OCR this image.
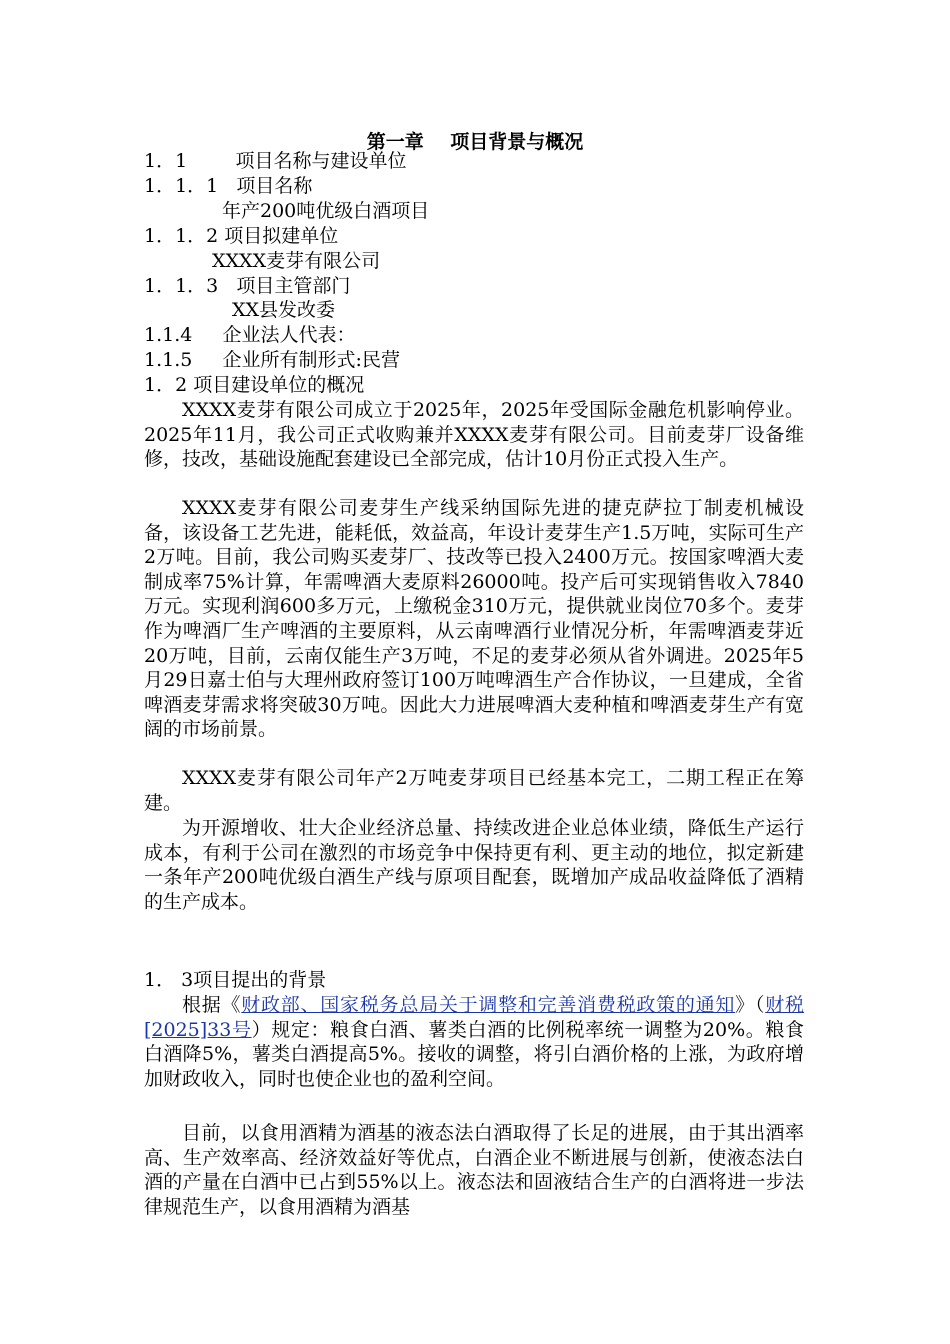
第一章    项目背景与概况
1．1        项目名称与建设单位
1．1．1   项目名称
年产200吨优级白酒项目
1．1．2 项目拟建单位
XXXX麦芽有限公司
1．1．3   项目主管部门
XX县发改委
1.1.4     企业法人代表：
1.1.5     企业所有制形式:民营
1．2 项目建设单位的概况
XXXX麦芽有限公司成立于2025年，2025年受国际金融危机影响停业。2025年11月，我公司正式收购兼并XXXX麦芽有限公司。目前麦芽厂设备维修，技改，基础设施配套建设已全部完成，估计10月份正式投入生产。
XXXX麦芽有限公司麦芽生产线采纳国际先进的捷克萨拉丁制麦机械设备，该设备工艺先进，能耗低，效益高，年设计麦芽生产1.5万吨，实际可生产2万吨。目前，我公司购买麦芽厂、技改等已投入2400万元。按国家啤酒大麦制成率75%计算，年需啤酒大麦原料26000吨。投产后可实现销售收入7840万元。实现利润600多万元，上缴税金310万元，提供就业岗位70多个。麦芽作为啤酒厂生产啤酒的主要原料，从云南啤酒行业情况分析，年需啤酒麦芽近20万吨，目前，云南仅能生产3万吨，不足的麦芽必须从省外调进。2025年5月29日嘉士伯与大理州政府签订100万吨啤酒生产合作协议，一旦建成，全省啤酒麦芽需求将突破30万吨。因此大力进展啤酒大麦种植和啤酒麦芽生产有宽阔的市场前景。
XXXX麦芽有限公司年产2万吨麦芽项目已经基本完工，二期工程正在筹建。
为开源增收、壮大企业经济总量、持续改进企业总体业绩，降低生产运行成本，有利于公司在激烈的市场竞争中保持更有利、更主动的地位，拟定新建一条年产200吨优级白酒生产线与原项目配套，既增加产成品收益降低了酒精的生产成本。
1． 3项目提出的背景
根据《财政部、国家税务总局关于调整和完善消费税政策的通知》（财税[2025]33号）规定：粮食白酒、薯类白酒的比例税率统一调整为20%。粮食白酒降5%，薯类白酒提高5%。接收的调整，将引白酒价格的上涨，为政府增加财政收入，同时也使企业也的盈利空间。
目前，以食用酒精为酒基的液态法白酒取得了长足的进展，由于其出酒率高、生产效率高、经济效益好等优点，白酒企业不断进展与创新，使液态法白酒的产量在白酒中已占到55%以上。液态法和固液结合生产的白酒将进一步法律规范生产，以食用酒精为酒基
